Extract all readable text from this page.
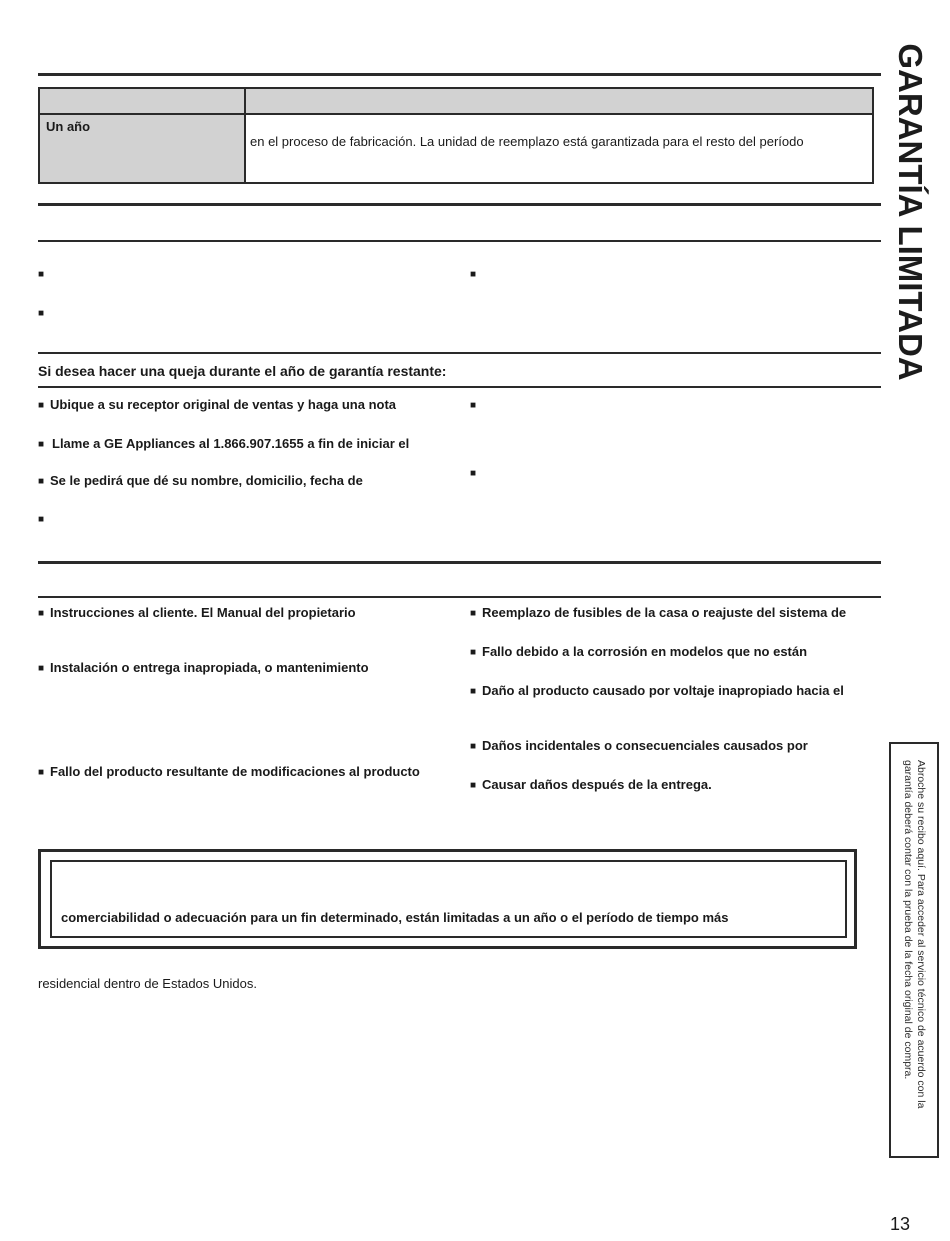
GARANTÍA LIMITADA
Un año
en el proceso de fabricación. La unidad de reemplazo está garantizada para el resto del período
■
■
■
Si desea hacer una queja durante el año de garantía restante:
■ Ubique a su receptor original de ventas y haga una nota
■ Llame a GE Appliances al 1.866.907.1655 a fin de iniciar el
■ Se le pedirá que dé su nombre, domicilio, fecha de
■
■
■
■ Instrucciones al cliente. El Manual del propietario
■ Instalación o entrega inapropiada, o mantenimiento
■ Fallo del producto resultante de modificaciones al producto
■ Reemplazo de fusibles de la casa o reajuste del sistema de
■ Fallo debido a la corrosión en modelos que no están
■ Daño al producto causado por voltaje inapropiado hacia el
■ Daños incidentales o consecuenciales causados por
■ Causar daños después de la entrega.
comerciabilidad o adecuación para un fin determinado, están limitadas a un año o el período de tiempo más
residencial dentro de Estados Unidos.	Abroche su recibo aquí. Para acceder al servicio técnico de acuerdo con la garantía deberá contar con la prueba de la fecha original de compra.
13
